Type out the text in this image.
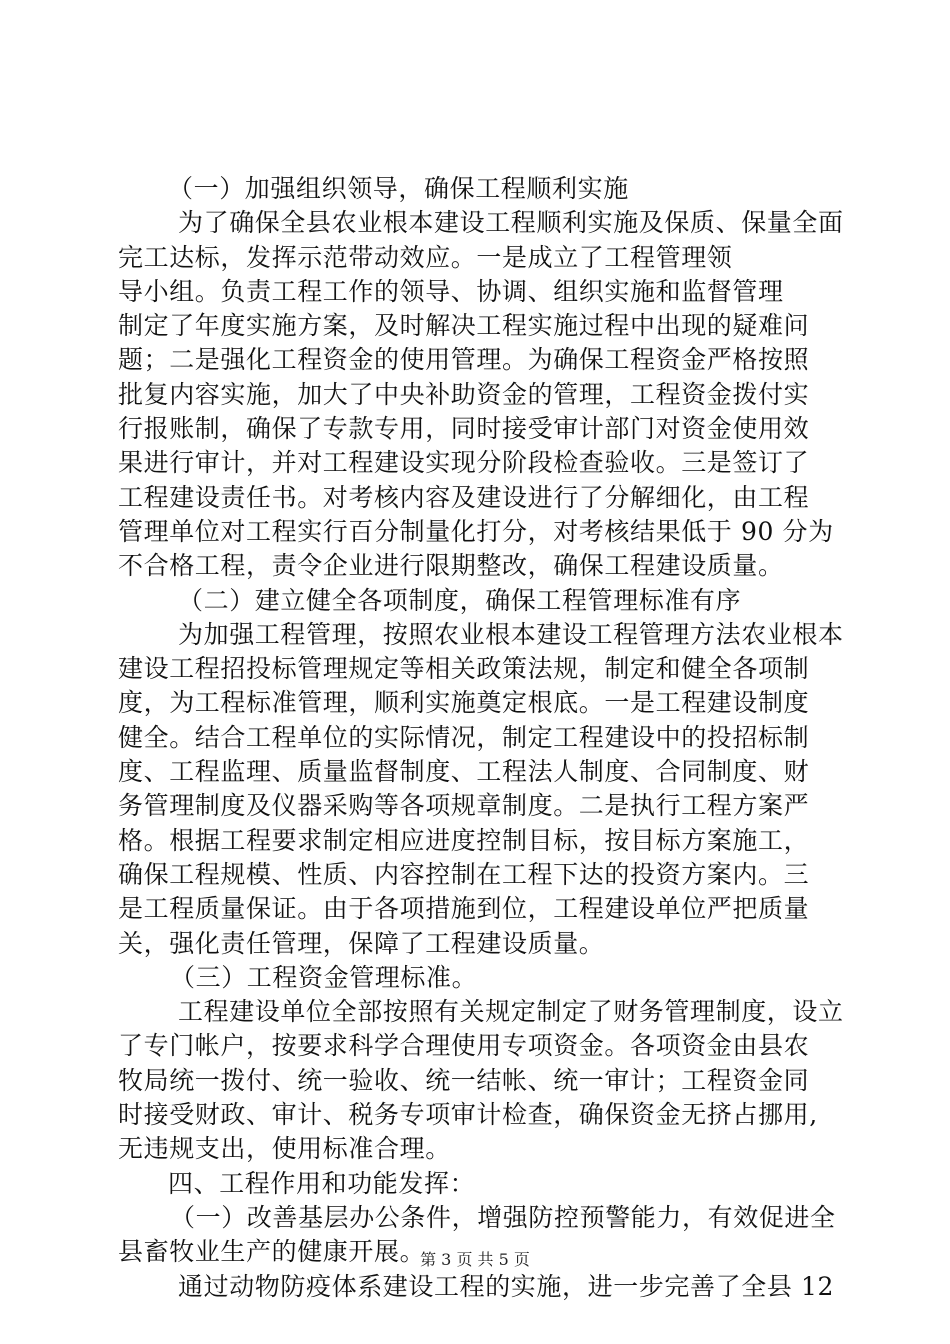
（一）加强组织领导，确保工程顺利实施
为了确保全县农业根本建设工程顺利实施及保质、保量全面
完工达标，发挥示范带动效应。一是成立了工程管理领
导小组。负责工程工作的领导、协调、组织实施和监督管理
制定了年度实施方案，及时解决工程实施过程中出现的疑难问
题；二是强化工程资金的使用管理。为确保工程资金严格按照
批复内容实施，加大了中央补助资金的管理，工程资金拨付实
行报账制，确保了专款专用，同时接受审计部门对资金使用效
果进行审计，并对工程建设实现分阶段检查验收。三是签订了
工程建设责任书。对考核内容及建设进行了分解细化，由工程
管理单位对工程实行百分制量化打分，对考核结果低于 90 分为
不合格工程，责令企业进行限期整改，确保工程建设质量。
（二）建立健全各项制度，确保工程管理标准有序
为加强工程管理，按照农业根本建设工程管理方法农业根本
建设工程招投标管理规定等相关政策法规，制定和健全各项制
度，为工程标准管理，顺利实施奠定根底。一是工程建设制度
健全。结合工程单位的实际情况，制定工程建设中的投招标制
度、工程监理、质量监督制度、工程法人制度、合同制度、财
务管理制度及仪器采购等各项规章制度。二是执行工程方案严
格。根据工程要求制定相应进度控制目标，按目标方案施工，
确保工程规模、性质、内容控制在工程下达的投资方案内。三
是工程质量保证。由于各项措施到位，工程建设单位严把质量
关，强化责任管理，保障了工程建设质量。
（三）工程资金管理标准。
工程建设单位全部按照有关规定制定了财务管理制度，设立
了专门帐户，按要求科学合理使用专项资金。各项资金由县农
牧局统一拨付、统一验收、统一结帐、统一审计；工程资金同
时接受财政、审计、税务专项审计检查，确保资金无挤占挪用,
无违规支出，使用标准合理。
四、工程作用和功能发挥：
（一）改善基层办公条件，增强防控预警能力，有效促进全
县畜牧业生产的健康开展。
通过动物防疫体系建设工程的实施，进一步完善了全县 12
第 3 页 共 5 页
